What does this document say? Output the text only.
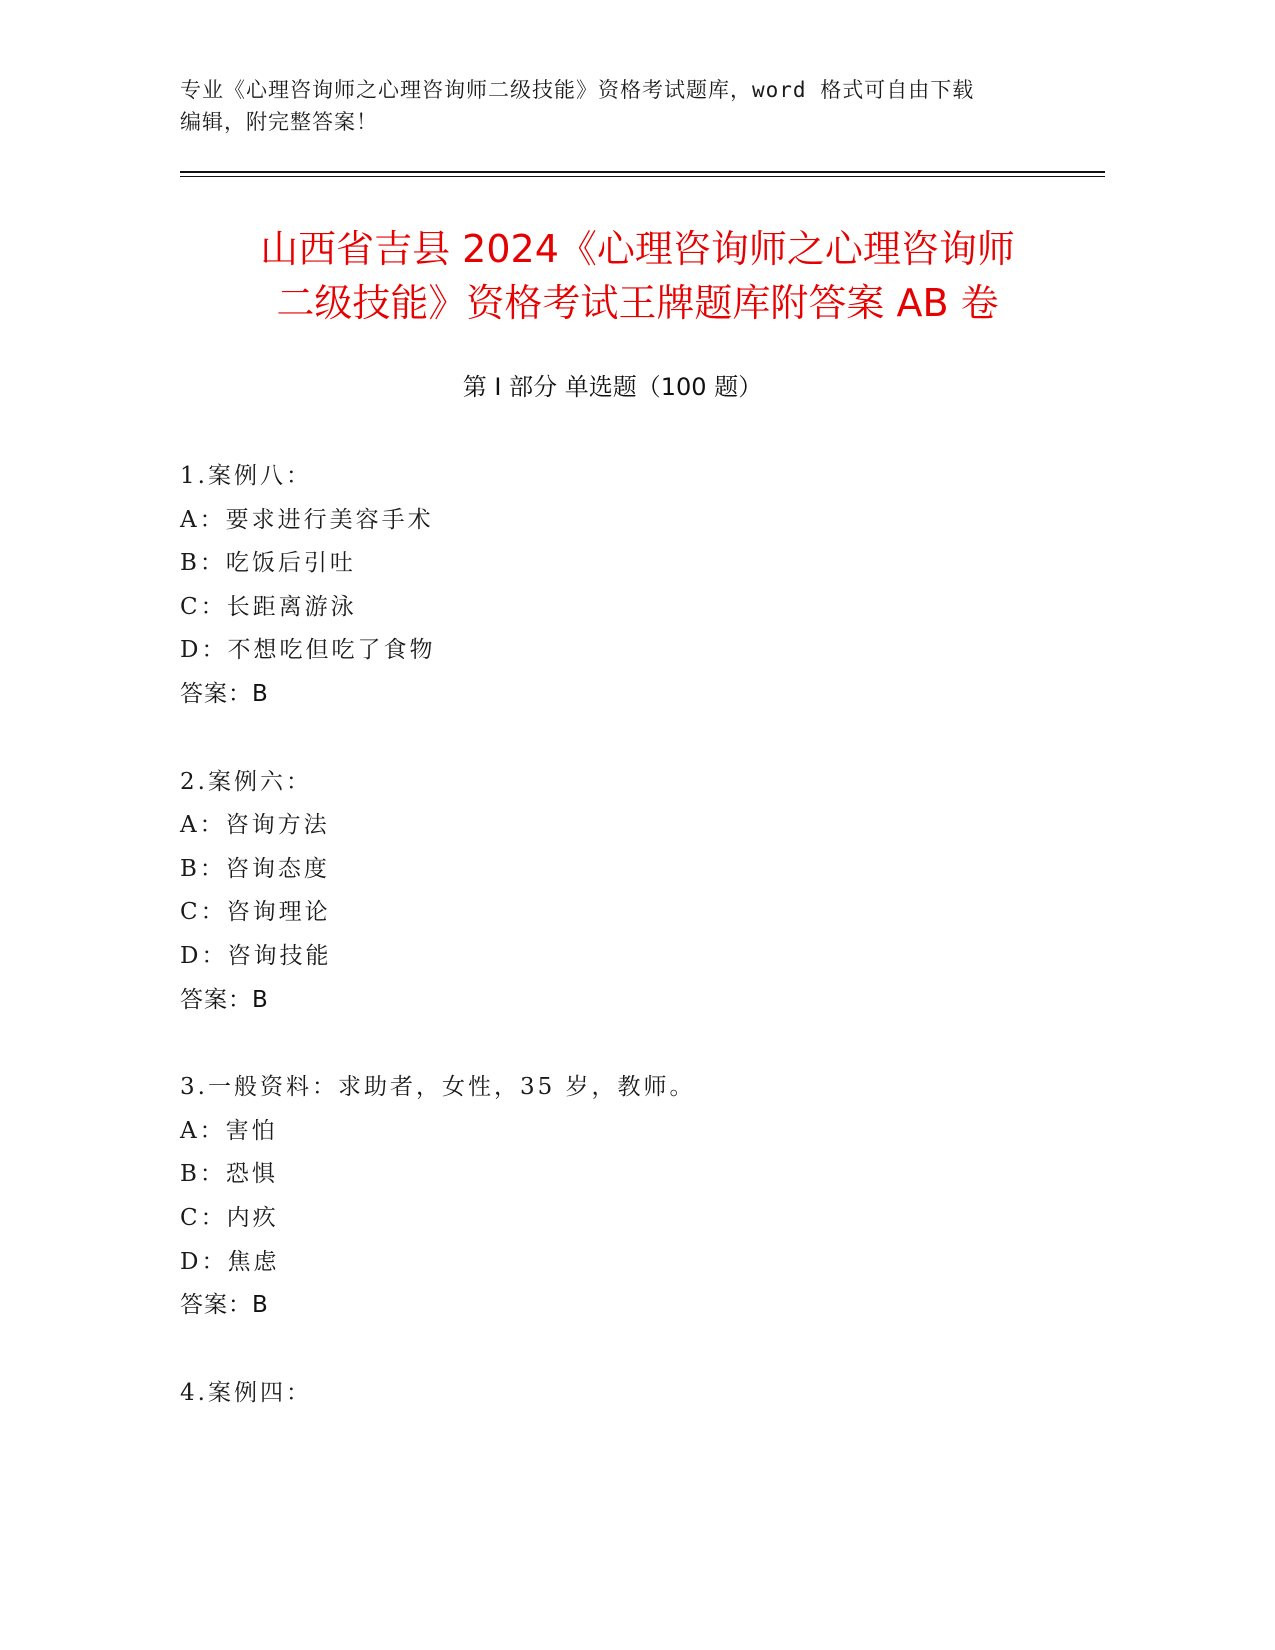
专业《心理咨询师之心理咨询师二级技能》资格考试题库，word 格式可自由下载
编辑，附完整答案！
山西省吉县 2024《心理咨询师之心理咨询师
二级技能》资格考试王牌题库附答案 AB 卷
第 I 部分 单选题（100 题）
1.案例八：
A：要求进行美容手术
B：吃饭后引吐
C：长距离游泳
D：不想吃但吃了食物
答案：B
2.案例六：
A：咨询方法
B：咨询态度
C：咨询理论
D：咨询技能
答案：B
3.一般资料：求助者，女性，35 岁，教师。
A：害怕
B：恐惧
C：内疚
D：焦虑
答案：B
4.案例四：
